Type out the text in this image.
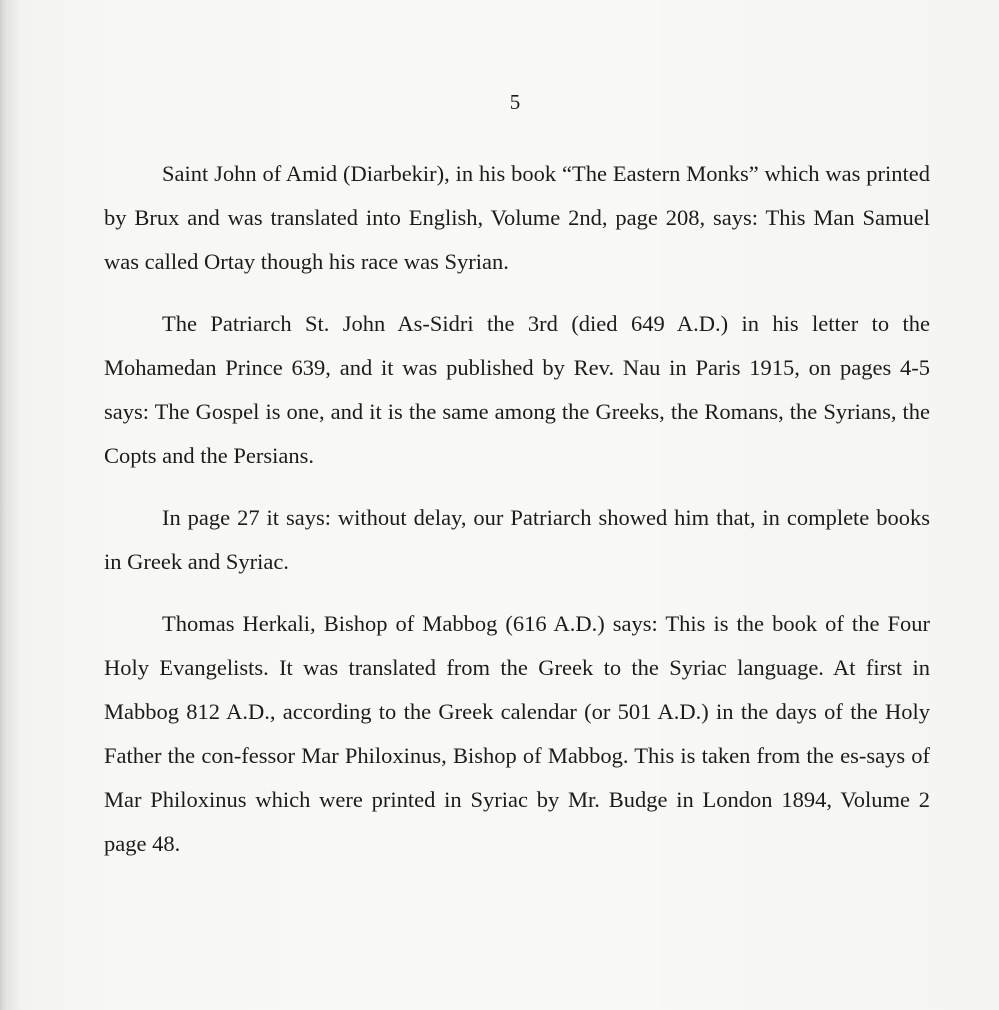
5

Saint John of Amid (Diarbekir), in his book “The Eastern Monks” which was printed by Brux and was translated into English, Volume 2nd, page 208, says: This Man Samuel was called Ortay though his race was Syrian.

The Patriarch St. John As-Sidri the 3rd (died 649 A.D.) in his letter to the Mohamedan Prince 639, and it was published by Rev. Nau in Paris 1915, on pages 4-5 says: The Gospel is one, and it is the same among the Greeks, the Romans, the Syrians, the Copts and the Persians.

In page 27 it says: without delay, our Patriarch showed him that, in complete books in Greek and Syriac.

Thomas Herkali, Bishop of Mabbog (616 A.D.) says: This is the book of the Four Holy Evangelists. It was translated from the Greek to the Syriac language. At first in Mabbog 812 A.D., according to the Greek calendar (or 501 A.D.) in the days of the Holy Father the con-fessor Mar Philoxinus, Bishop of Mabbog. This is taken from the es-says of Mar Philoxinus which were printed in Syriac by Mr. Budge in London 1894, Volume 2 page 48.
